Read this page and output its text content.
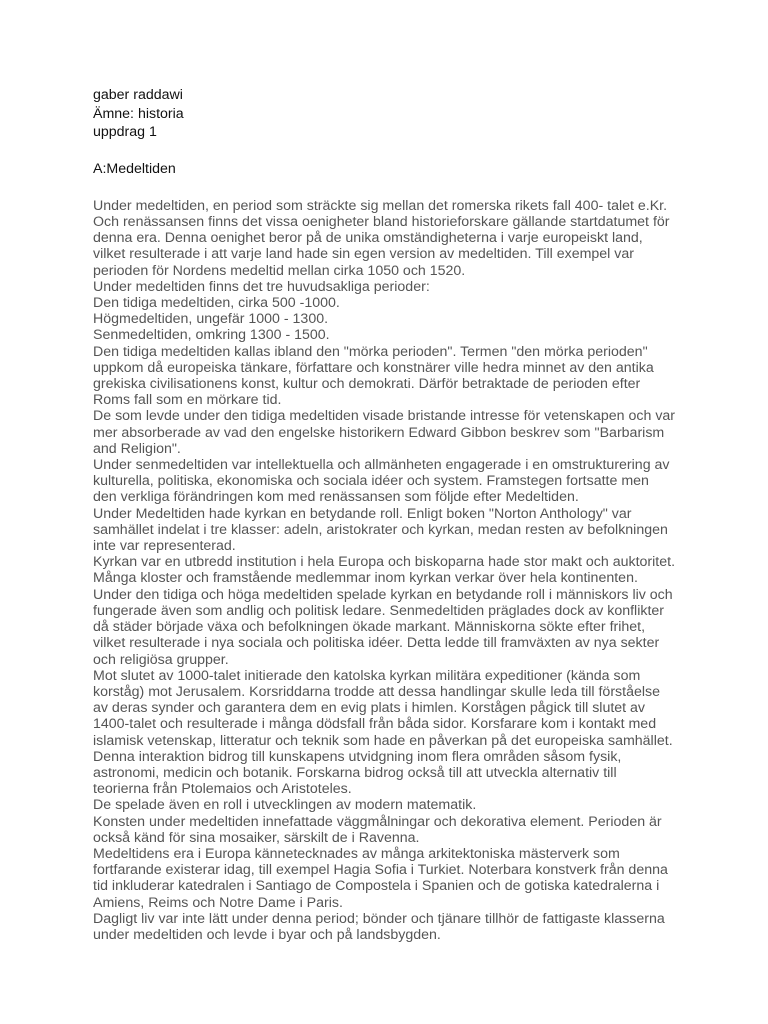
gaber raddawi

Ämne: historia

uppdrag 1

A:Medeltiden

Under medeltiden, en period som sträckte sig mellan det romerska rikets fall 400- talet e.Kr.

Och renässansen finns det vissa oenigheter bland historieforskare gällande startdatumet för

denna era. Denna oenighet beror på de unika omständigheterna i varje europeiskt land,

vilket resulterade i att varje land hade sin egen version av medeltiden. Till exempel var

perioden för Nordens medeltid mellan cirka 1050 och 1520.

Under medeltiden finns det tre huvudsakliga perioder:

Den tidiga medeltiden, cirka 500 -1000.

Högmedeltiden, ungefär 1000 - 1300.

Senmedeltiden, omkring 1300 - 1500.

Den tidiga medeltiden kallas ibland den "mörka perioden". Termen "den mörka perioden"

uppkom då europeiska tänkare, författare och konstnärer ville hedra minnet av den antika

grekiska civilisationens konst, kultur och demokrati. Därför betraktade de perioden efter

Roms fall som en mörkare tid.

De som levde under den tidiga medeltiden visade bristande intresse för vetenskapen och var

mer absorberade av vad den engelske historikern Edward Gibbon beskrev som "Barbarism

and Religion".

Under senmedeltiden var intellektuella och allmänheten engagerade i en omstrukturering av

kulturella, politiska, ekonomiska och sociala idéer och system. Framstegen fortsatte men

den verkliga förändringen kom med renässansen som följde efter Medeltiden.

Under Medeltiden hade kyrkan en betydande roll. Enligt boken "Norton Anthology" var

samhället indelat i tre klasser: adeln, aristokrater och kyrkan, medan resten av befolkningen

inte var representerad.

Kyrkan var en utbredd institution i hela Europa och biskoparna hade stor makt och auktoritet.

Många kloster och framstående medlemmar inom kyrkan verkar över hela kontinenten.

Under den tidiga och höga medeltiden spelade kyrkan en betydande roll i människors liv och

fungerade även som andlig och politisk ledare. Senmedeltiden präglades dock av konflikter

då städer började växa och befolkningen ökade markant. Människorna sökte efter frihet,

vilket resulterade i nya sociala och politiska idéer. Detta ledde till framväxten av nya sekter

och religiösa grupper.

Mot slutet av 1000-talet initierade den katolska kyrkan militära expeditioner (kända som

korståg) mot Jerusalem. Korsriddarna trodde att dessa handlingar skulle leda till förståelse

av deras synder och garantera dem en evig plats i himlen. Korstågen pågick till slutet av

1400-talet och resulterade i många dödsfall från båda sidor. Korsfarare kom i kontakt med

islamisk vetenskap, litteratur och teknik som hade en påverkan på det europeiska samhället.

Denna interaktion bidrog till kunskapens utvidgning inom flera områden såsom fysik,

astronomi, medicin och botanik. Forskarna bidrog också till att utveckla alternativ till

teorierna från Ptolemaios och Aristoteles.

De spelade även en roll i utvecklingen av modern matematik.

Konsten under medeltiden innefattade väggmålningar och dekorativa element. Perioden är

också känd för sina mosaiker, särskilt de i Ravenna.

Medeltidens era i Europa kännetecknades av många arkitektoniska mästerverk som

fortfarande existerar idag, till exempel Hagia Sofia i Turkiet. Noterbara konstverk från denna

tid inkluderar katedralen i Santiago de Compostela i Spanien och de gotiska katedralerna i

Amiens, Reims och Notre Dame i Paris.

Dagligt liv var inte lätt under denna period; bönder och tjänare tillhör de fattigaste klasserna

under medeltiden och levde i byar och på landsbygden.
